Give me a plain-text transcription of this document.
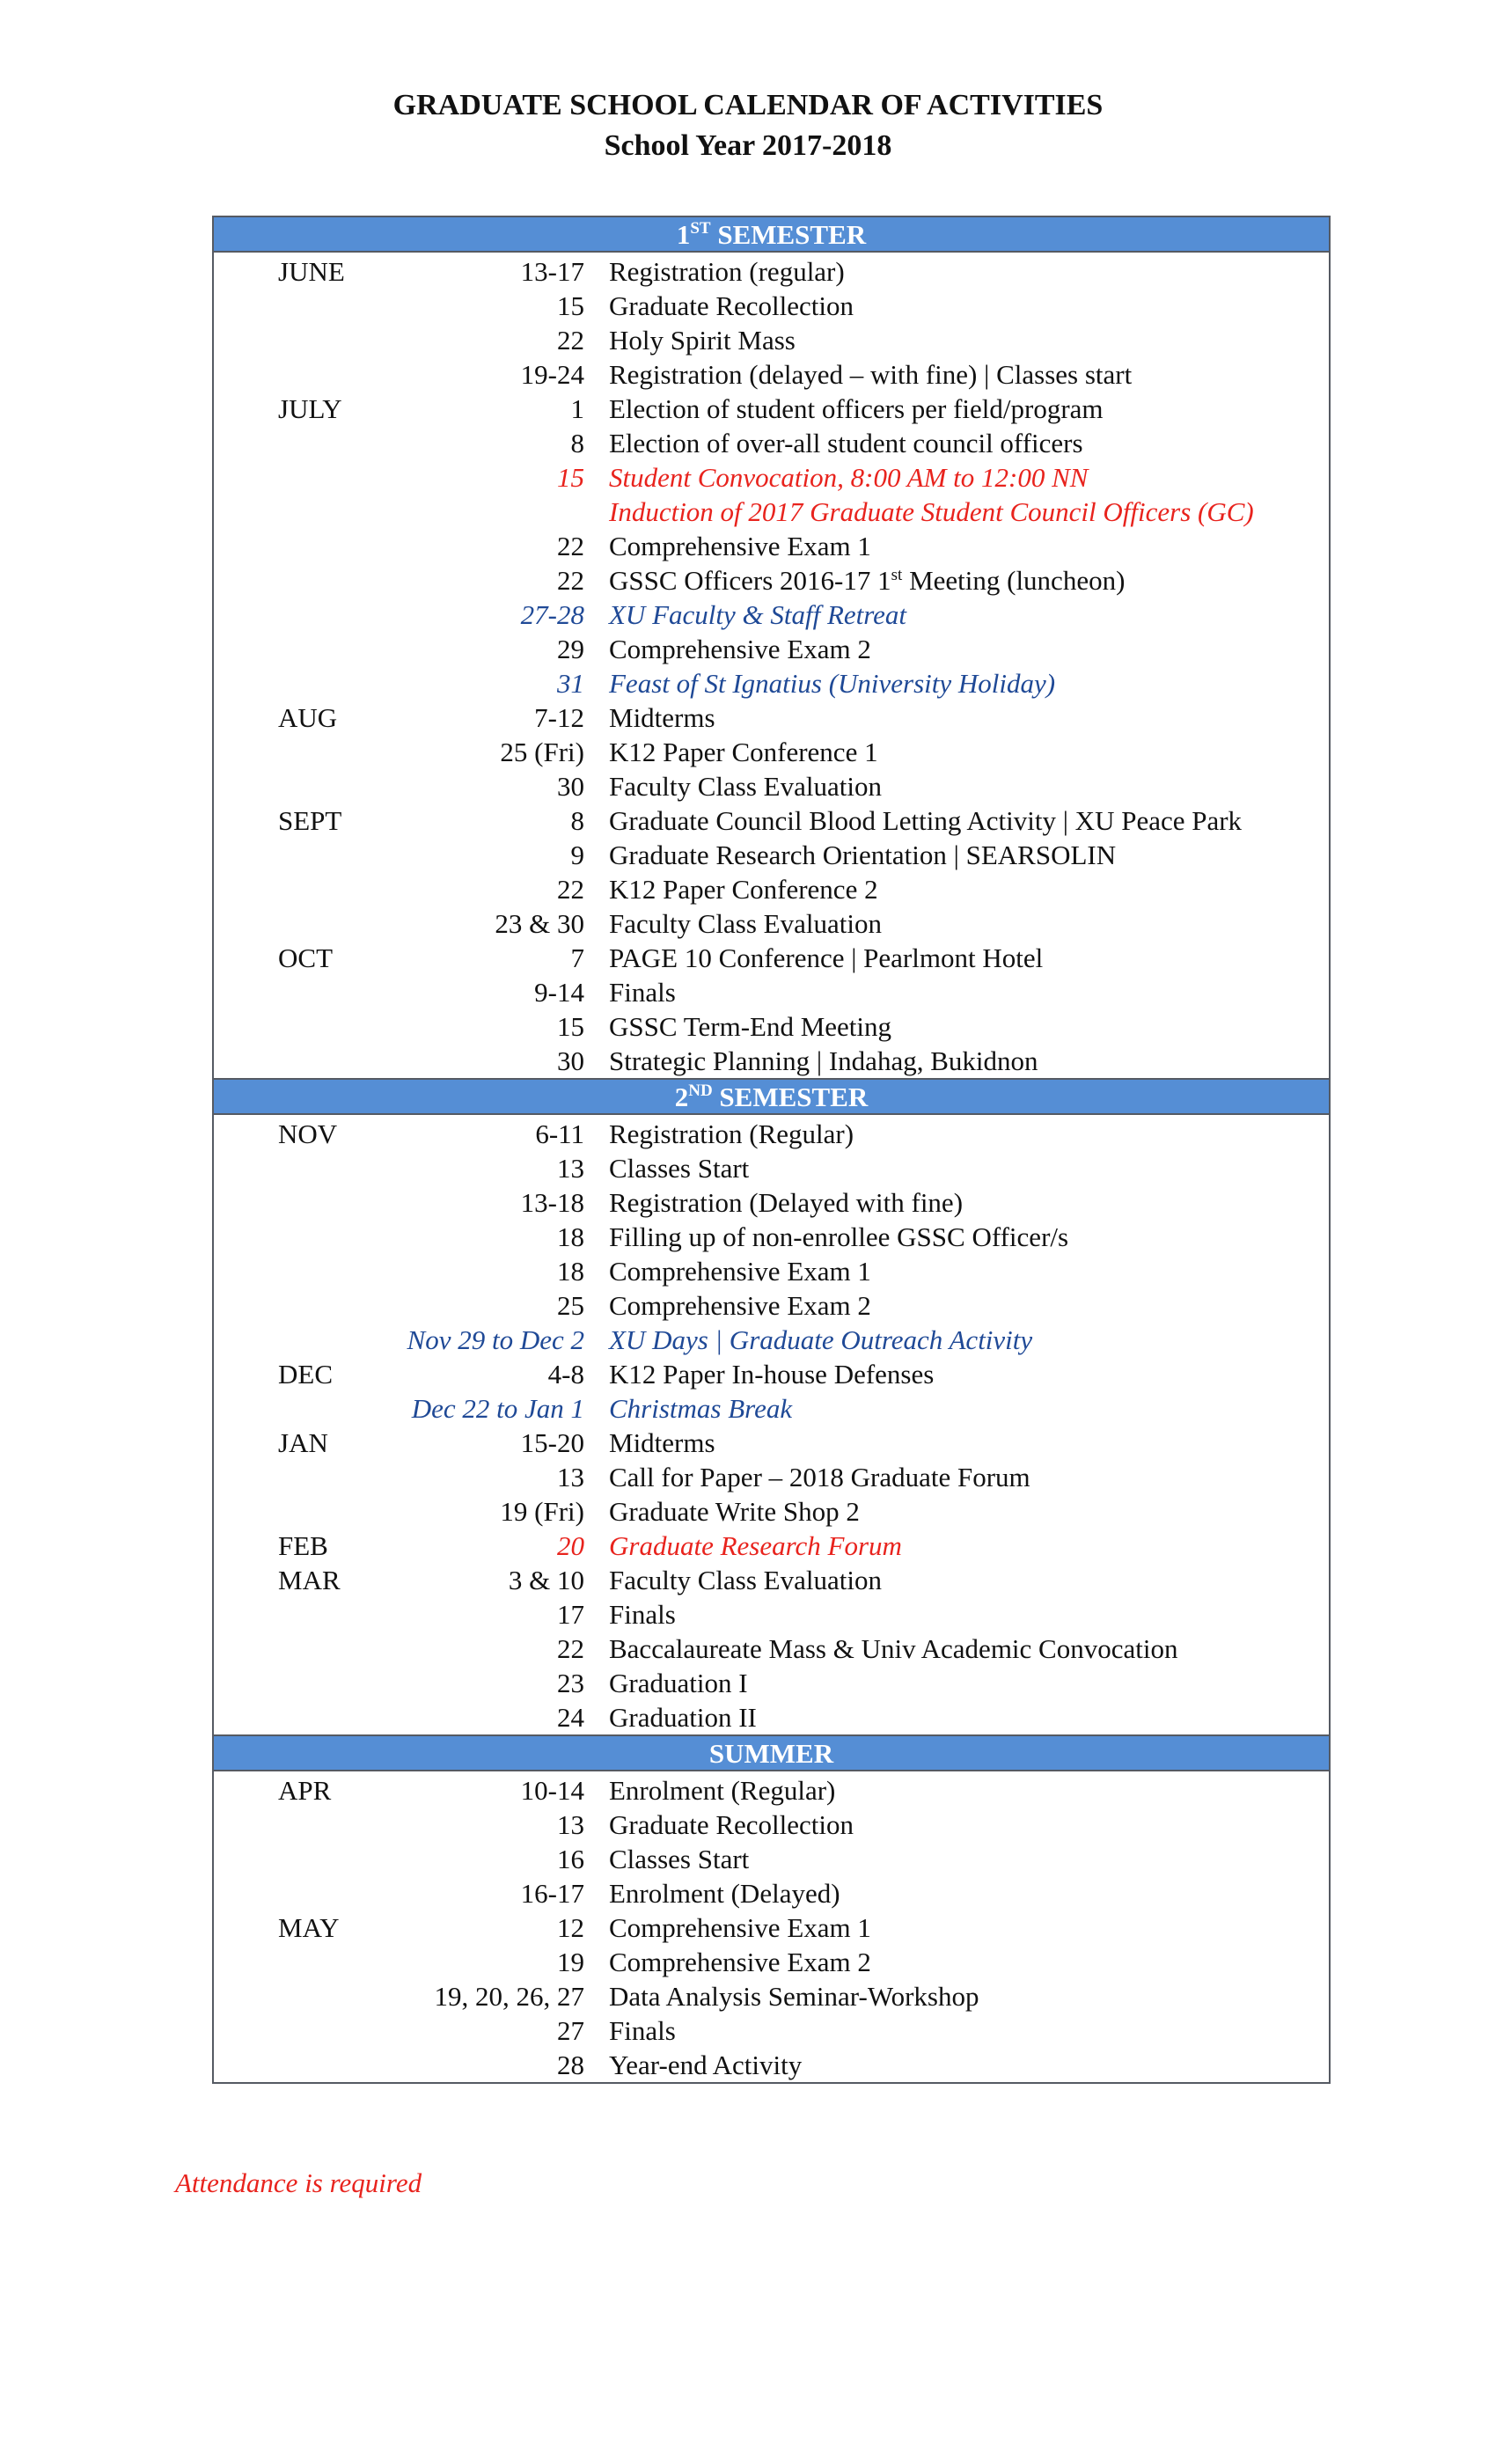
GRADUATE SCHOOL CALENDAR OF ACTIVITIES
School Year 2017-2018
1ST SEMESTER
JUNE	13-17 Registration (regular)
15 Graduate Recollection
22 Holy Spirit Mass
19-24 Registration (delayed – with fine) | Classes start
JULY	1 Election of student officers per field/program
8 Election of over-all student council officers
15 Student Convocation, 8:00 AM to 12:00 NN
Induction of 2017 Graduate Student Council Officers (GC)
22 Comprehensive Exam 1
22 GSSC Officers 2016-17 1st Meeting (luncheon)
27-28 XU Faculty & Staff Retreat
29 Comprehensive Exam 2
31 Feast of St Ignatius (University Holiday)
AUG	7-12 Midterms
25 (Fri) K12 Paper Conference 1
30 Faculty Class Evaluation
SEPT	8 Graduate Council Blood Letting Activity | XU Peace Park
9 Graduate Research Orientation | SEARSOLIN
22 K12 Paper Conference 2
23 & 30 Faculty Class Evaluation
OCT	7 PAGE 10 Conference | Pearlmont Hotel
9-14 Finals
15 GSSC Term-End Meeting
30 Strategic Planning | Indahag, Bukidnon
2ND SEMESTER
NOV	6-11 Registration (Regular)
13 Classes Start
13-18 Registration (Delayed with fine)
18 Filling up of non-enrollee GSSC Officer/s
18 Comprehensive Exam 1
25 Comprehensive Exam 2
Nov 29 to Dec 2 XU Days | Graduate Outreach Activity
DEC	4-8 K12 Paper In-house Defenses
Dec 22 to Jan 1 Christmas Break
JAN	15-20 Midterms
13 Call for Paper – 2018 Graduate Forum
19 (Fri) Graduate Write Shop 2
FEB	20 Graduate Research Forum
MAR	3 & 10 Faculty Class Evaluation
17 Finals
22 Baccalaureate Mass & Univ Academic Convocation
23 Graduation I
24 Graduation II
SUMMER
APR	10-14 Enrolment (Regular)
13 Graduate Recollection
16 Classes Start
16-17 Enrolment (Delayed)
MAY	12 Comprehensive Exam 1
19 Comprehensive Exam 2
19, 20, 26, 27 Data Analysis Seminar-Workshop
27 Finals
28 Year-end Activity
Attendance is required
